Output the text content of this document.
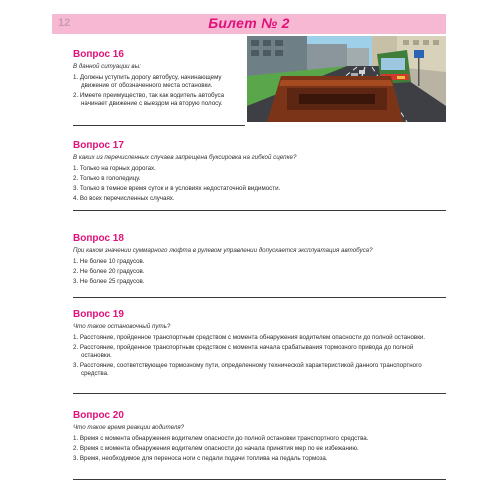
12	Билет № 2
Вопрос 16
В данной ситуации вы:
1. Должны уступить дорогу автобусу, начинающему движение от обозначенного места остановки.
2. Имеете преимущество, так как водитель автобуса начинает движение с выездом на вторую полосу.
Вопрос 17
В каких из перечисленных случаев запрещена буксировка на гибкой сцепке?
1. Только на горных дорогах.
2. Только в гололедицу.
3. Только в темное время суток и в условиях недостаточной видимости.
4. Во всех перечисленных случаях.
Вопрос 18
При каком значении суммарного люфта в рулевом управлении допускается эксплуатация автобуса?
1. Не более 10 градусов.
2. Не более 20 градусов.
3. Не более 25 градусов.
Вопрос 19
Что такое остановочный путь?
1. Расстояние, пройденное транспортным средством с момента обнаружения водителем опасности до полной остановки.
2. Расстояние, пройденное транспортным средством с момента начала срабатывания тормозного привода до полной остановки.
3. Расстояние, соответствующее тормозному пути, определенному технической характеристикой данного транспортного средства.
Вопрос 20
Что такое время реакции водителя?
1. Время с момента обнаружения водителем опасности до полной остановки транспортного средства.
2. Время с момента обнаружения водителем опасности до начала принятия мер по ее избежанию.
3. Время, необходимое для переноса ноги с педали подачи топлива на педаль тормоза.
